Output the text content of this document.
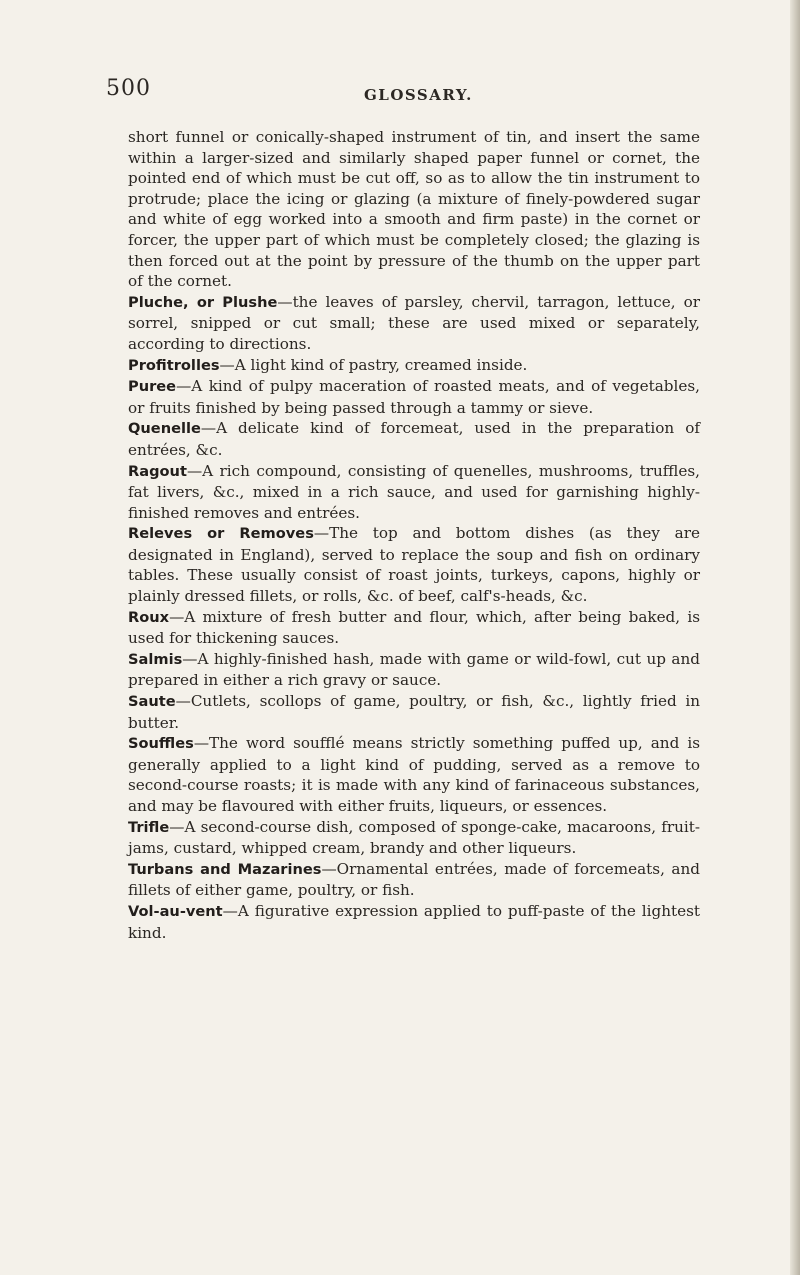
500	GLOSSARY.

short funnel or conically-shaped instrument of tin, and insert the same within a larger-sized and similarly shaped paper funnel or cornet, the pointed end of which must be cut off, so as to allow the tin instrument to protrude; place the icing or glazing (a mixture of finely-powdered sugar and white of egg worked into a smooth and firm paste) in the cornet or forcer, the upper part of which must be completely closed; the glazing is then forced out at the point by pressure of the thumb on the upper part of the cornet.

Pluche, or Plushe—the leaves of parsley, chervil, tarragon, lettuce, or sorrel, snipped or cut small; these are used mixed or separately, according to directions.

Profitrolles—A light kind of pastry, creamed inside.

Puree—A kind of pulpy maceration of roasted meats, and of vegetables, or fruits finished by being passed through a tammy or sieve.

Quenelle—A delicate kind of forcemeat, used in the preparation of entrées, &c.

Ragout—A rich compound, consisting of quenelles, mushrooms, truffles, fat livers, &c., mixed in a rich sauce, and used for garnishing highly-finished removes and entrées.

Releves or Removes—The top and bottom dishes (as they are designated in England), served to replace the soup and fish on ordinary tables. These usually consist of roast joints, turkeys, capons, highly or plainly dressed fillets, or rolls, &c. of beef, calf's-heads, &c.

Roux—A mixture of fresh butter and flour, which, after being baked, is used for thickening sauces.

Salmis—A highly-finished hash, made with game or wild-fowl, cut up and prepared in either a rich gravy or sauce.

Saute—Cutlets, scollops of game, poultry, or fish, &c., lightly fried in butter.

Souffles—The word soufflé means strictly something puffed up, and is generally applied to a light kind of pudding, served as a remove to second-course roasts; it is made with any kind of farinaceous substances, and may be flavoured with either fruits, liqueurs, or essences.

Trifle—A second-course dish, composed of sponge-cake, macaroons, fruit-jams, custard, whipped cream, brandy and other liqueurs.

Turbans and Mazarines—Ornamental entrées, made of forcemeats, and fillets of either game, poultry, or fish.

Vol-au-vent—A figurative expression applied to puff-paste of the lightest kind.
